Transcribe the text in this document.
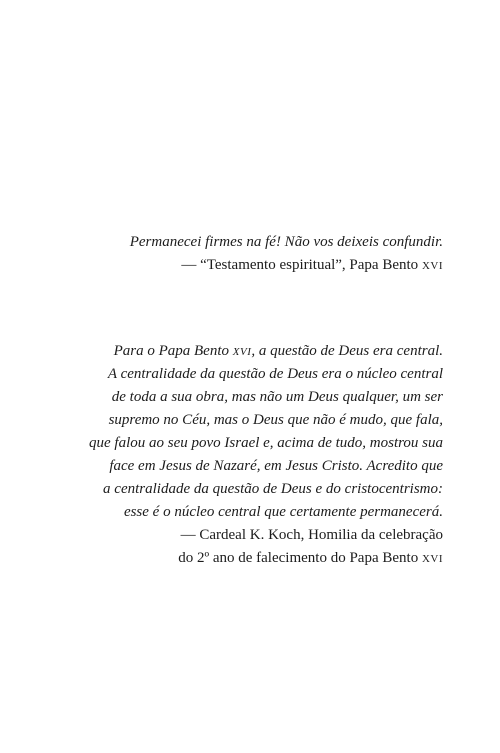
Permanecei firmes na fé! Não vos deixeis confundir.

— “Testamento espiritual”, Papa Bento xvi

Para o Papa Bento xvi, a questão de Deus era central.
A centralidade da questão de Deus era o núcleo central
de toda a sua obra, mas não um Deus qualquer, um ser
supremo no Céu, mas o Deus que não é mudo, que fala,
que falou ao seu povo Israel e, acima de tudo, mostrou sua
face em Jesus de Nazaré, em Jesus Cristo. Acredito que
a centralidade da questão de Deus e do cristocentrismo:
esse é o núcleo central que certamente permanecerá.

— Cardeal K. Koch, Homilia da celebração
do 2º ano de falecimento do Papa Bento xvi
